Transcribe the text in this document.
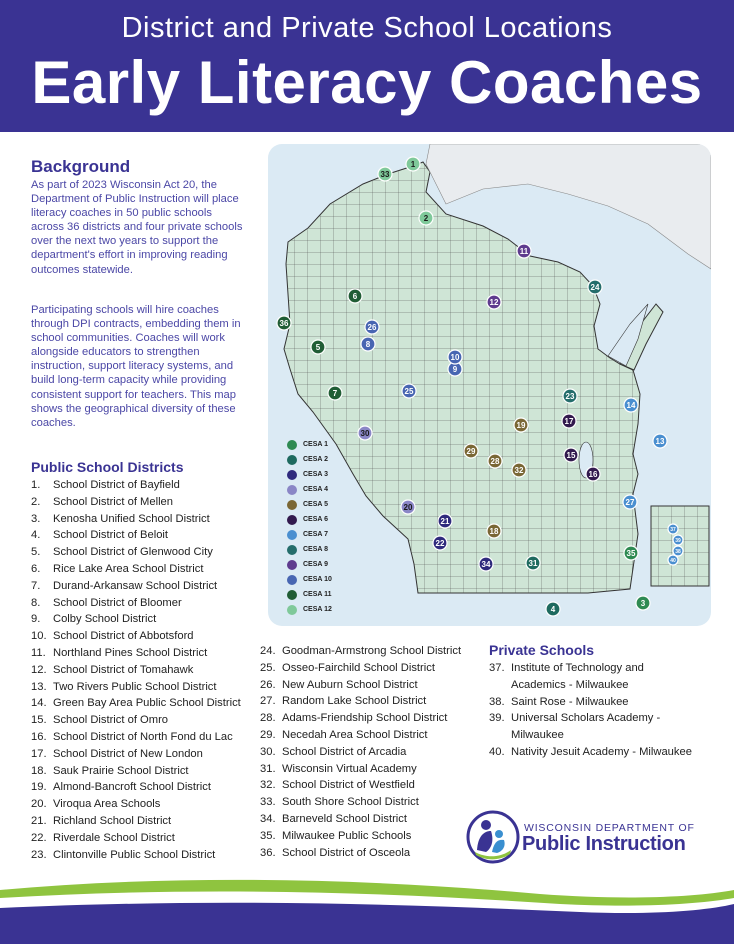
District and Private School Locations
Early Literacy Coaches
Background

As part of 2023 Wisconsin Act 20, the Department of Public Instruction will place literacy coaches in 50 public schools across 36 districts and four private schools over the next two years to support the department's effort in improving reading outcomes statewide.

Participating schools will hire coaches through DPI contracts, embedding them in school communities. Coaches will work alongside educators to strengthen instruction, support literacy systems, and build long-term capacity while providing consistent support for teachers. This map shows the geographical diversity of these coaches.

Public School Districts
1. School District of Bayfield
2. School District of Mellen
3. Kenosha Unified School District
4. School District of Beloit
5. School District of Glenwood City
6. Rice Lake Area School District
7. Durand-Arkansaw School District
8. School District of Bloomer
9. Colby School District
10. School District of Abbotsford
11. Northland Pines School District
12. School District of Tomahawk
13. Two Rivers Public School District
14. Green Bay Area Public School District
15. School District of Omro
16. School District of North Fond du Lac
17. School District of New London
18. Sauk Prairie School District
19. Almond-Bancroft School District
20. Viroqua Area Schools
21. Richland School District
22. Riverdale School District
23. Clintonville Public School District
24. Goodman-Armstrong School District
25. Osseo-Fairchild School District
26. New Auburn School District
27. Random Lake School District
28. Adams-Friendship School District
29. Necedah Area School District
30. School District of Arcadia
31. Wisconsin Virtual Academy
32. School District of Westfield
33. South Shore School District
34. Barneveld School District
35. Milwaukee Public Schools
36. School District of Osceola
Private Schools
37. Institute of Technology and Academics - Milwaukee
38. Saint Rose - Milwaukee
39. Universal Scholars Academy - Milwaukee
40. Nativity Jesuit Academy - Milwaukee
1
2
3
4
5
6
7
8
9
10
11
12
13
14
15
16
17
18
19
20
21
22
23
24
25
26
27
28
29
30
31
32
33
34
35
36
37
38
39
40
CESA 1
CESA 2
CESA 3
CESA 4
CESA 5
CESA 6
CESA 7
CESA 8
CESA 9
CESA 10
CESA 11
CESA 12
WISCONSIN DEPARTMENT OF
Public Instruction
